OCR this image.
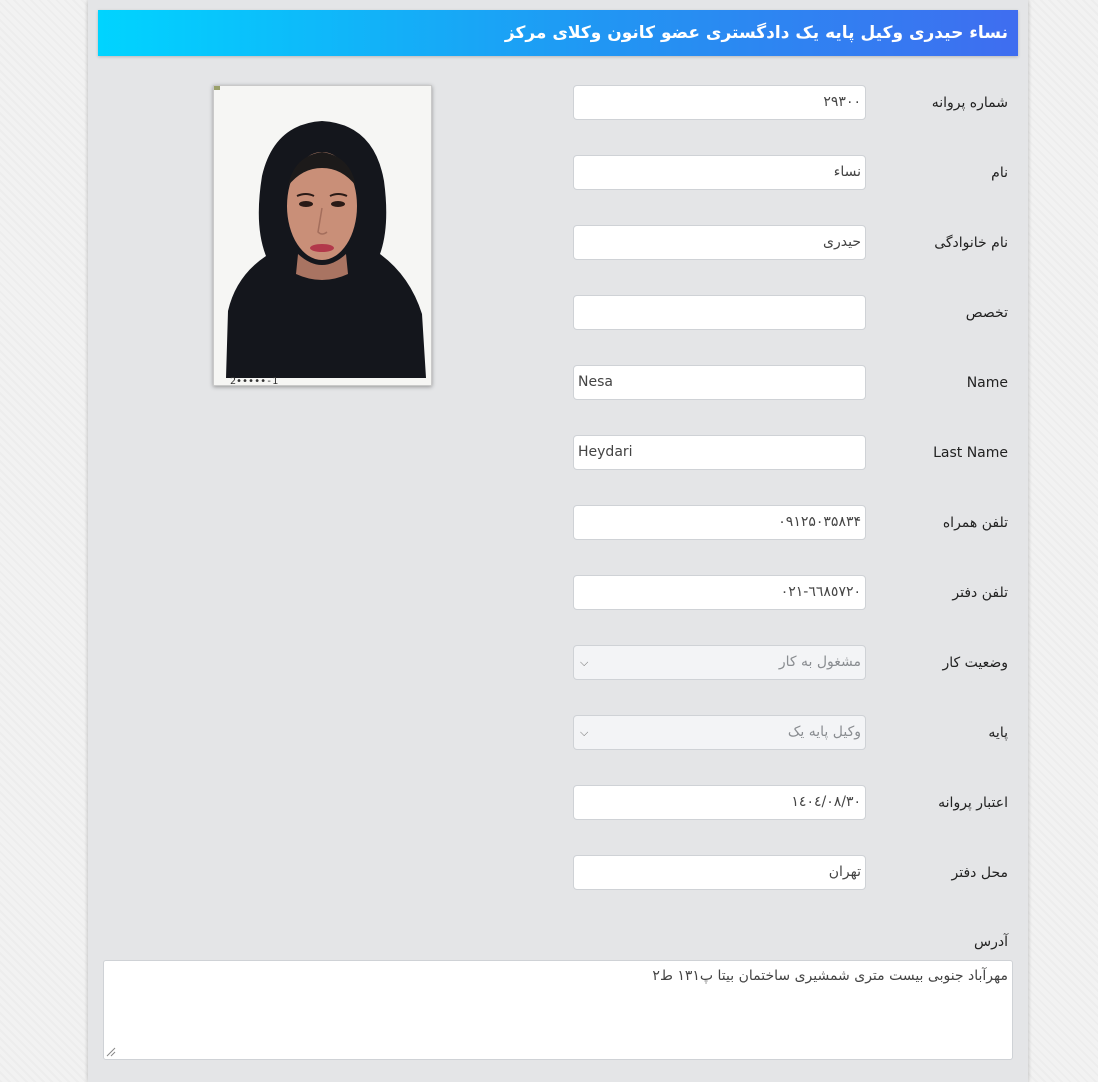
نساء حیدری وکیل پایه یک دادگستری عضو کانون وکلای مرکز
2•••••-1
شماره پروانه
۲۹۳۰۰
نام
نساء
نام خانوادگی
حیدری
تخصص
Name
Nesa
Last Name
Heydari
تلفن همراه
۰۹۱۲۵۰۳۵۸۳۴
تلفن دفتر
٦٦٨٥٧٢٠-٠٢١
وضعیت کار
مشغول به کار
⌵
پایه
وکیل پایه یک
⌵
اعتبار پروانه
١٤٠٤/٠٨/٣٠
محل دفتر
تهران
آدرس
مهرآباد جنوبی بیست متری شمشیری ساختمان بیتا پ۱۳۱ ط۲
